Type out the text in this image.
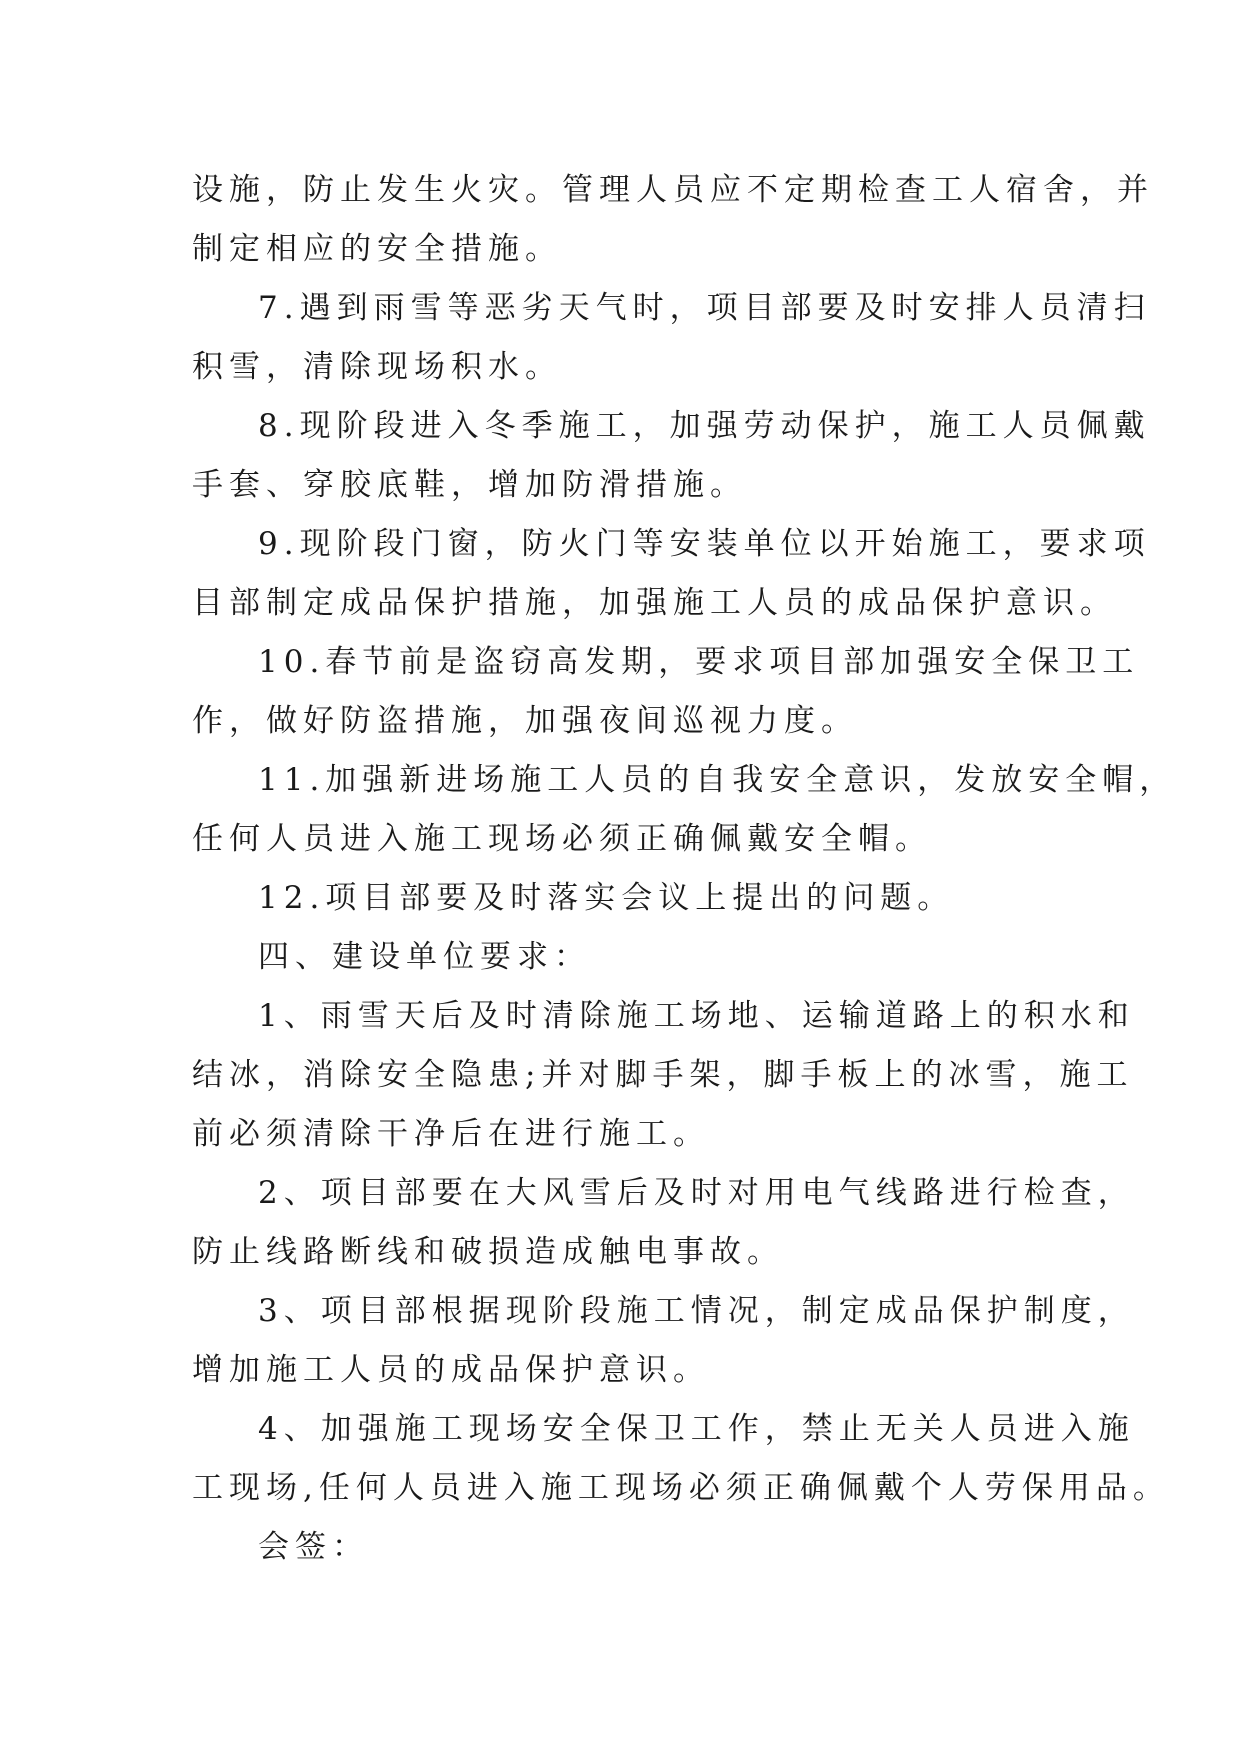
设施，防止发生火灾。管理人员应不定期检查工人宿舍，并
制定相应的安全措施。
7.遇到雨雪等恶劣天气时，项目部要及时安排人员清扫
积雪，清除现场积水。
8.现阶段进入冬季施工，加强劳动保护，施工人员佩戴
手套、穿胶底鞋，增加防滑措施。
9.现阶段门窗，防火门等安装单位以开始施工，要求项
目部制定成品保护措施，加强施工人员的成品保护意识。
10.春节前是盗窃高发期，要求项目部加强安全保卫工
作，做好防盗措施，加强夜间巡视力度。
11.加强新进场施工人员的自我安全意识，发放安全帽，
任何人员进入施工现场必须正确佩戴安全帽。
12.项目部要及时落实会议上提出的问题。
四、建设单位要求：
1、雨雪天后及时清除施工场地、运输道路上的积水和
结冰，消除安全隐患;并对脚手架，脚手板上的冰雪，施工
前必须清除干净后在进行施工。
2、项目部要在大风雪后及时对用电气线路进行检查，
防止线路断线和破损造成触电事故。
3、项目部根据现阶段施工情况，制定成品保护制度，
增加施工人员的成品保护意识。
4、加强施工现场安全保卫工作，禁止无关人员进入施
工现场,任何人员进入施工现场必须正确佩戴个人劳保用品。
会签：
